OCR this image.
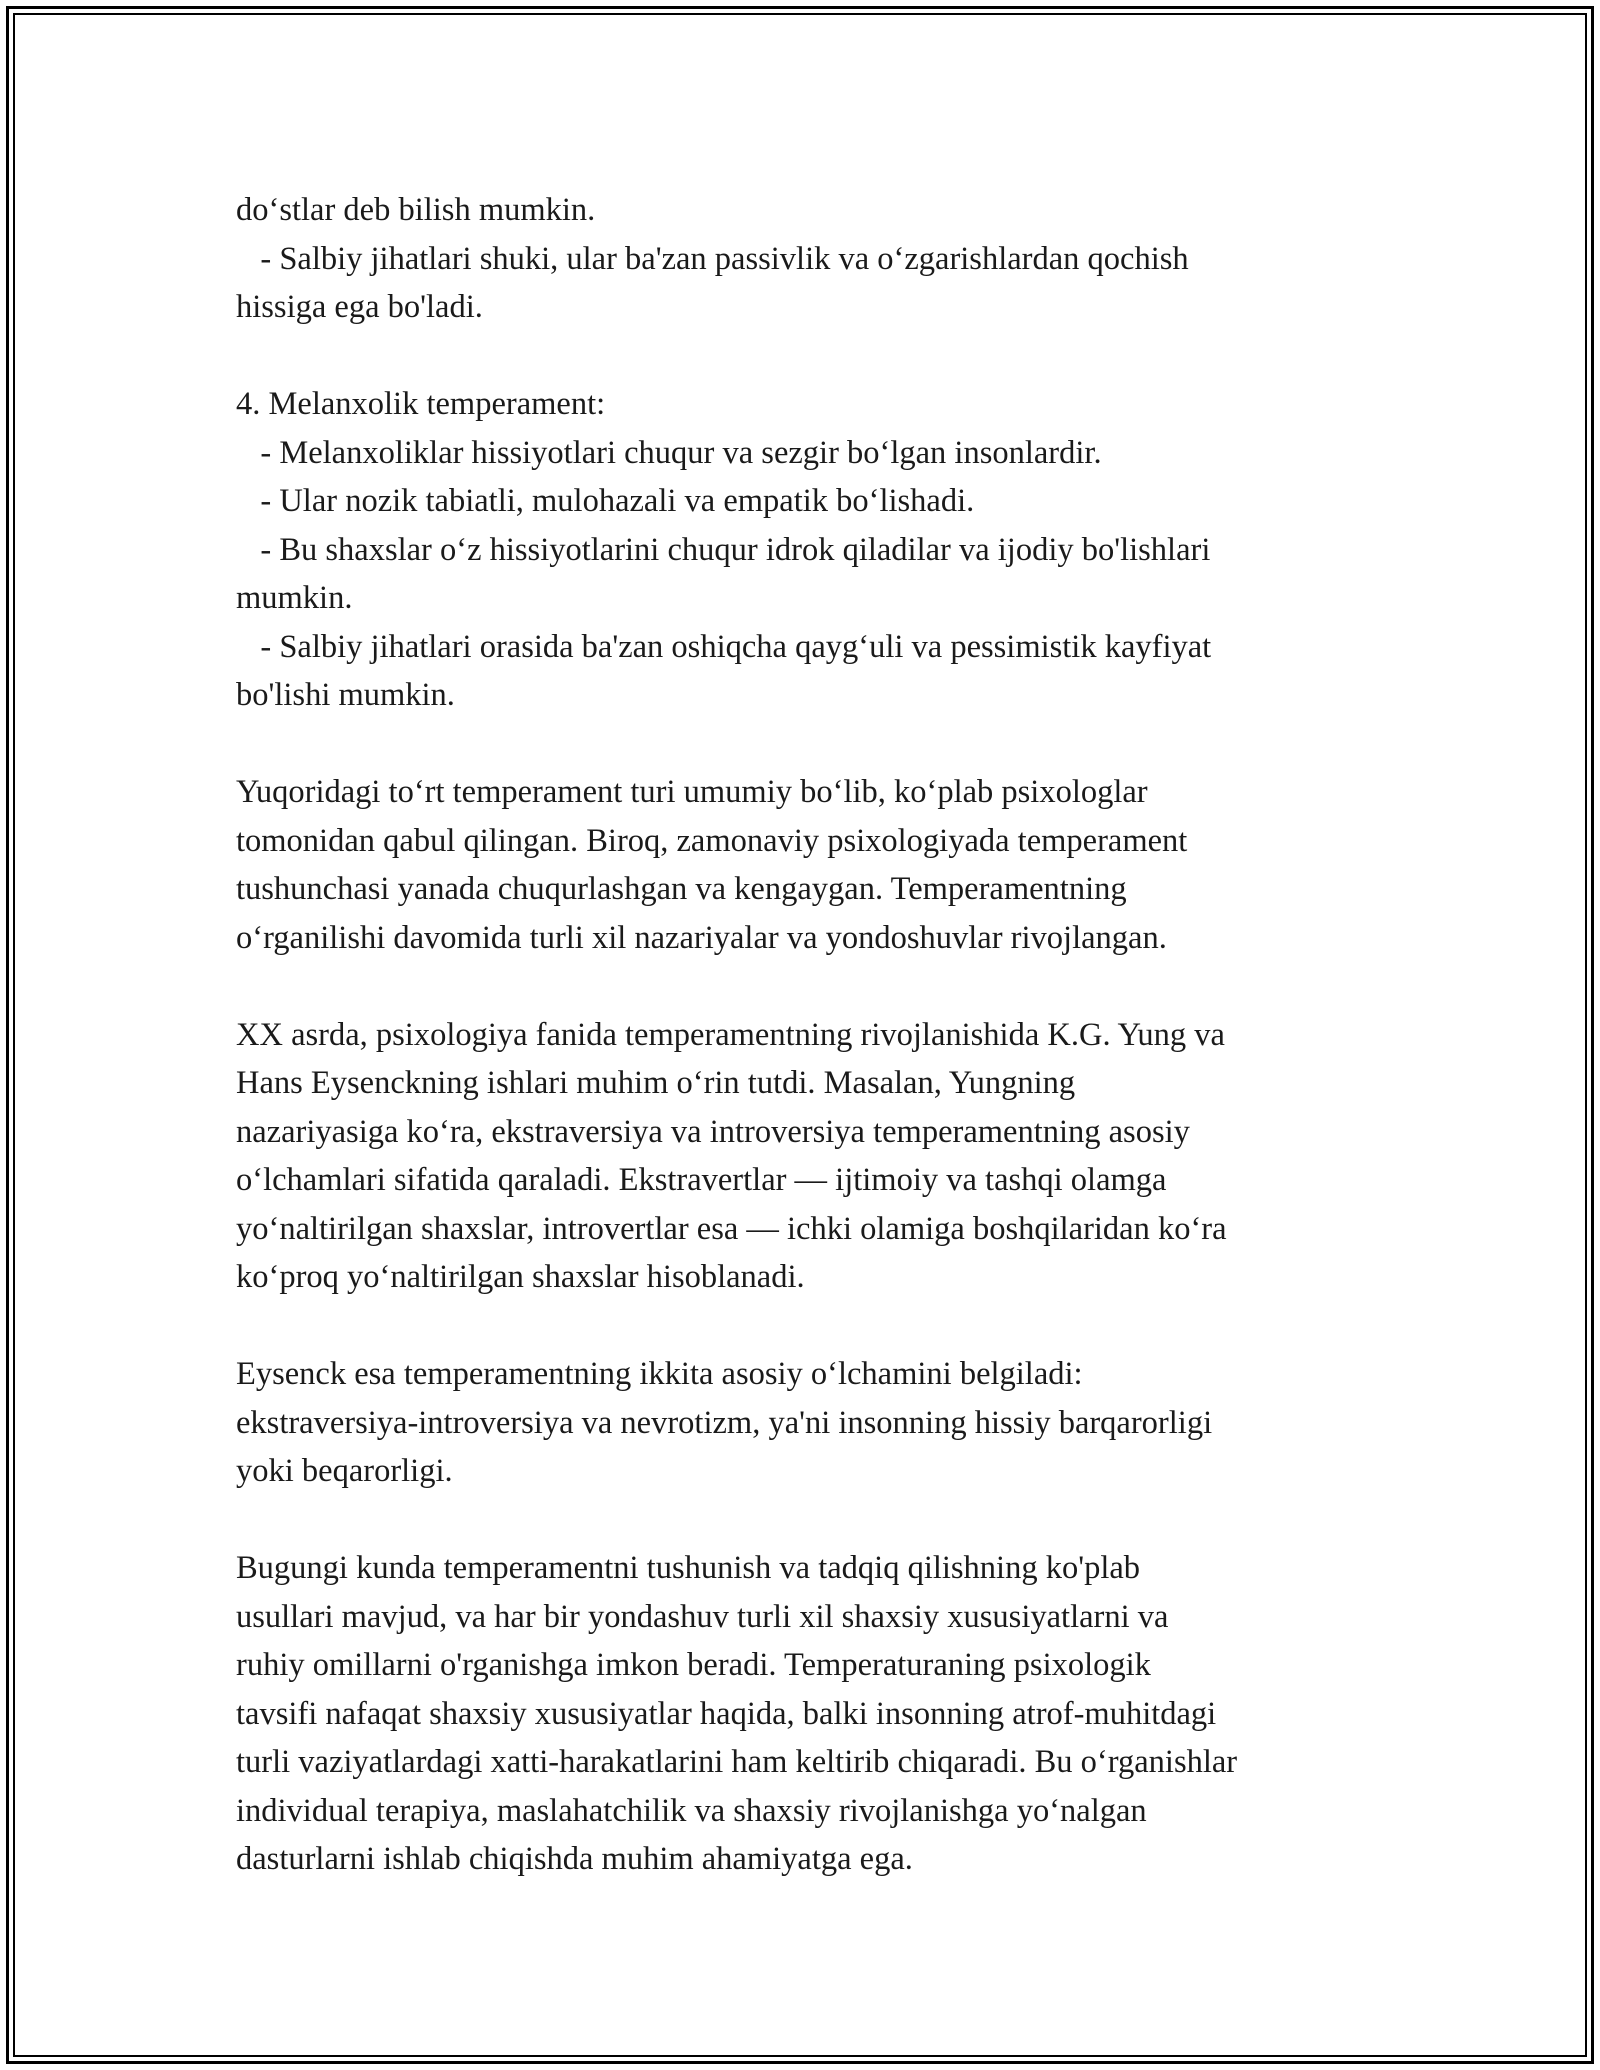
do‘stlar deb bilish mumkin.
- Salbiy jihatlari shuki, ular ba'zan passivlik va o‘zgarishlardan qochish
hissiga ega bo'ladi.
4. Melanxolik temperament:
- Melanxoliklar hissiyotlari chuqur va sezgir bo‘lgan insonlardir.
- Ular nozik tabiatli, mulohazali va empatik bo‘lishadi.
- Bu shaxslar o‘z hissiyotlarini chuqur idrok qiladilar va ijodiy bo'lishlari
mumkin.
- Salbiy jihatlari orasida ba'zan oshiqcha qayg‘uli va pessimistik kayfiyat
bo'lishi mumkin.
Yuqoridagi to‘rt temperament turi umumiy bo‘lib, ko‘plab psixologlar
tomonidan qabul qilingan. Biroq, zamonaviy psixologiyada temperament
tushunchasi yanada chuqurlashgan va kengaygan. Temperamentning
o‘rganilishi davomida turli xil nazariyalar va yondoshuvlar rivojlangan.
XX asrda, psixologiya fanida temperamentning rivojlanishida K.G. Yung va
Hans Eysenckning ishlari muhim o‘rin tutdi. Masalan, Yungning
nazariyasiga ko‘ra, ekstraversiya va introversiya temperamentning asosiy
o‘lchamlari sifatida qaraladi. Ekstravertlar — ijtimoiy va tashqi olamga
yo‘naltirilgan shaxslar, introvertlar esa — ichki olamiga boshqilaridan ko‘ra
ko‘proq yo‘naltirilgan shaxslar hisoblanadi.
Eysenck esa temperamentning ikkita asosiy o‘lchamini belgiladi:
ekstraversiya-introversiya va nevrotizm, ya'ni insonning hissiy barqarorligi
yoki beqarorligi.
Bugungi kunda temperamentni tushunish va tadqiq qilishning ko'plab
usullari mavjud, va har bir yondashuv turli xil shaxsiy xususiyatlarni va
ruhiy omillarni o'rganishga imkon beradi. Temperaturaning psixologik
tavsifi nafaqat shaxsiy xususiyatlar haqida, balki insonning atrof-muhitdagi
turli vaziyatlardagi xatti-harakatlarini ham keltirib chiqaradi. Bu o‘rganishlar
individual terapiya, maslahatchilik va shaxsiy rivojlanishga yo‘nalgan
dasturlarni ishlab chiqishda muhim ahamiyatga ega.
